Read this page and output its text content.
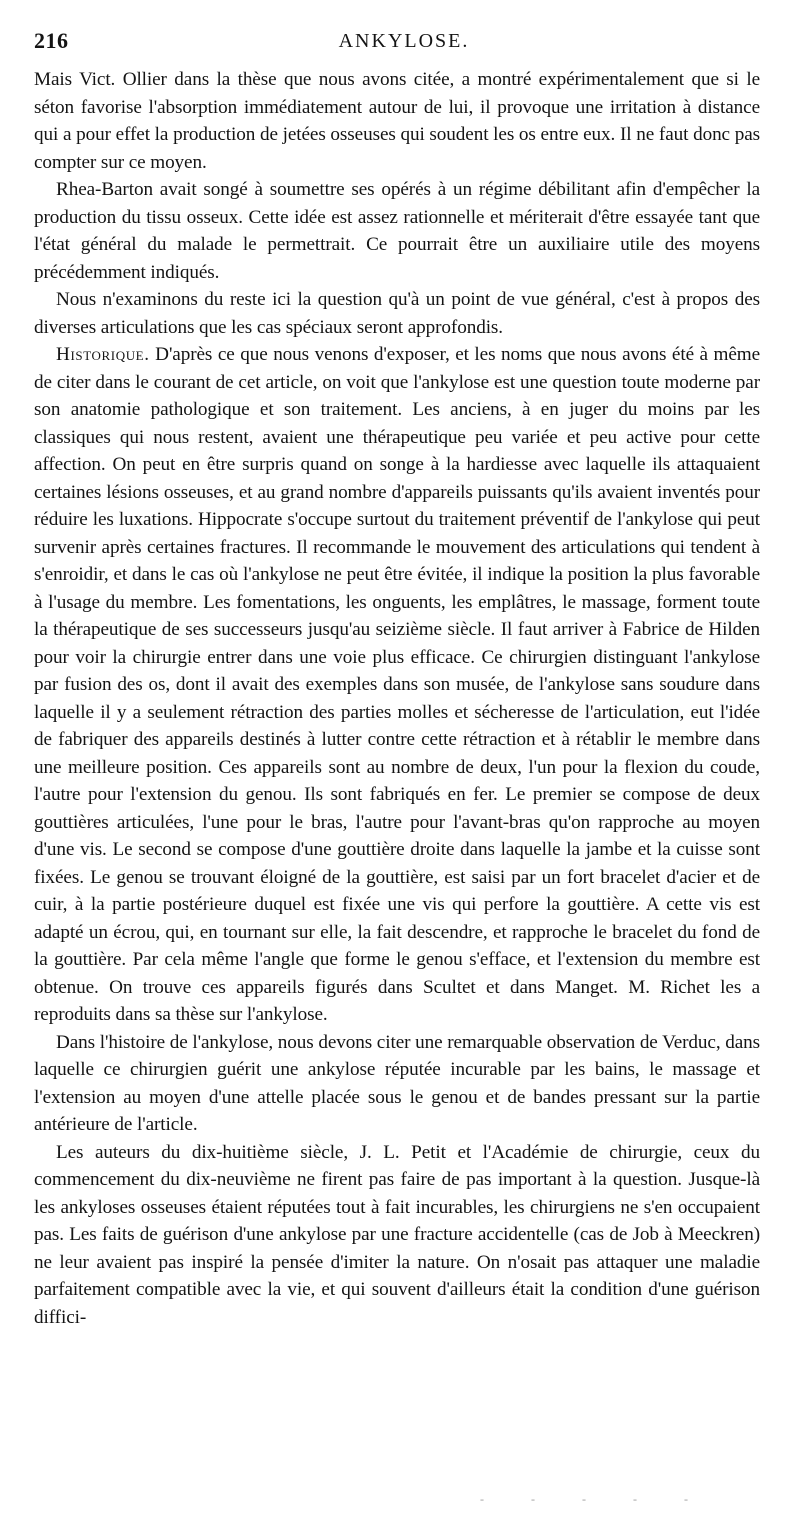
216	ANKYLOSE.

Mais Vict. Ollier dans la thèse que nous avons citée, a montré expérimentalement que si le séton favorise l'absorption immédiatement autour de lui, il provoque une irritation à distance qui a pour effet la production de jetées osseuses qui soudent les os entre eux. Il ne faut donc pas compter sur ce moyen.

Rhea-Barton avait songé à soumettre ses opérés à un régime débilitant afin d'empêcher la production du tissu osseux. Cette idée est assez rationnelle et mériterait d'être essayée tant que l'état général du malade le permettrait. Ce pourrait être un auxiliaire utile des moyens précédemment indiqués.

Nous n'examinons du reste ici la question qu'à un point de vue général, c'est à propos des diverses articulations que les cas spéciaux seront approfondis.

Historique. D'après ce que nous venons d'exposer, et les noms que nous avons été à même de citer dans le courant de cet article, on voit que l'ankylose est une question toute moderne par son anatomie pathologique et son traitement. Les anciens, à en juger du moins par les classiques qui nous restent, avaient une thérapeutique peu variée et peu active pour cette affection. On peut en être surpris quand on songe à la hardiesse avec laquelle ils attaquaient certaines lésions osseuses, et au grand nombre d'appareils puissants qu'ils avaient inventés pour réduire les luxations. Hippocrate s'occupe surtout du traitement préventif de l'ankylose qui peut survenir après certaines fractures. Il recommande le mouvement des articulations qui tendent à s'enroidir, et dans le cas où l'ankylose ne peut être évitée, il indique la position la plus favorable à l'usage du membre. Les fomentations, les onguents, les emplâtres, le massage, forment toute la thérapeutique de ses successeurs jusqu'au seizième siècle. Il faut arriver à Fabrice de Hilden pour voir la chirurgie entrer dans une voie plus efficace. Ce chirurgien distinguant l'ankylose par fusion des os, dont il avait des exemples dans son musée, de l'ankylose sans soudure dans laquelle il y a seulement rétraction des parties molles et sécheresse de l'articulation, eut l'idée de fabriquer des appareils destinés à lutter contre cette rétraction et à rétablir le membre dans une meilleure position. Ces appareils sont au nombre de deux, l'un pour la flexion du coude, l'autre pour l'extension du genou. Ils sont fabriqués en fer. Le premier se compose de deux gouttières articulées, l'une pour le bras, l'autre pour l'avant-bras qu'on rapproche au moyen d'une vis. Le second se compose d'une gouttière droite dans laquelle la jambe et la cuisse sont fixées. Le genou se trouvant éloigné de la gouttière, est saisi par un fort bracelet d'acier et de cuir, à la partie postérieure duquel est fixée une vis qui perfore la gouttière. A cette vis est adapté un écrou, qui, en tournant sur elle, la fait descendre, et rapproche le bracelet du fond de la gouttière. Par cela même l'angle que forme le genou s'efface, et l'extension du membre est obtenue. On trouve ces appareils figurés dans Scultet et dans Manget. M. Richet les a reproduits dans sa thèse sur l'ankylose.

Dans l'histoire de l'ankylose, nous devons citer une remarquable observation de Verduc, dans laquelle ce chirurgien guérit une ankylose réputée incurable par les bains, le massage et l'extension au moyen d'une attelle placée sous le genou et de bandes pressant sur la partie antérieure de l'article.

Les auteurs du dix-huitième siècle, J. L. Petit et l'Académie de chirurgie, ceux du commencement du dix-neuvième ne firent pas faire de pas important à la question. Jusque-là les ankyloses osseuses étaient réputées tout à fait incurables, les chirurgiens ne s'en occupaient pas. Les faits de guérison d'une ankylose par une fracture accidentelle (cas de Job à Meeckren) ne leur avaient pas inspiré la pensée d'imiter la nature. On n'osait pas attaquer une maladie parfaitement compatible avec la vie, et qui souvent d'ailleurs était la condition d'une guérison diffici-

- - - - -
